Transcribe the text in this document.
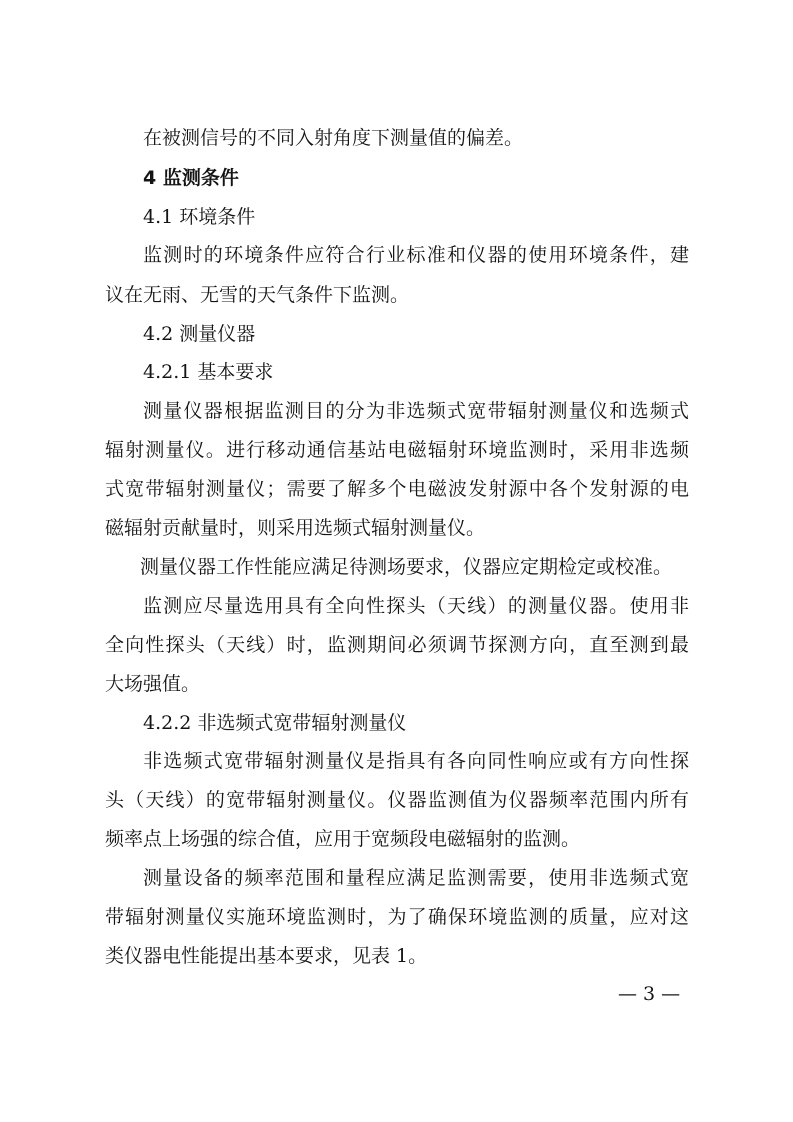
在被测信号的不同入射角度下测量值的偏差。
4 监测条件
4.1 环境条件
监测时的环境条件应符合行业标准和仪器的使用环境条件，建
议在无雨、无雪的天气条件下监测。
4.2 测量仪器
4.2.1 基本要求
测量仪器根据监测目的分为非选频式宽带辐射测量仪和选频式
辐射测量仪。进行移动通信基站电磁辐射环境监测时，采用非选频
式宽带辐射测量仪；需要了解多个电磁波发射源中各个发射源的电
磁辐射贡献量时，则采用选频式辐射测量仪。
测量仪器工作性能应满足待测场要求，仪器应定期检定或校准。
监测应尽量选用具有全向性探头（天线）的测量仪器。使用非
全向性探头（天线）时，监测期间必须调节探测方向，直至测到最
大场强值。
4.2.2 非选频式宽带辐射测量仪
非选频式宽带辐射测量仪是指具有各向同性响应或有方向性探
头（天线）的宽带辐射测量仪。仪器监测值为仪器频率范围内所有
频率点上场强的综合值，应用于宽频段电磁辐射的监测。
测量设备的频率范围和量程应满足监测需要，使用非选频式宽
带辐射测量仪实施环境监测时，为了确保环境监测的质量，应对这
类仪器电性能提出基本要求，见表 1。
— 3 —
